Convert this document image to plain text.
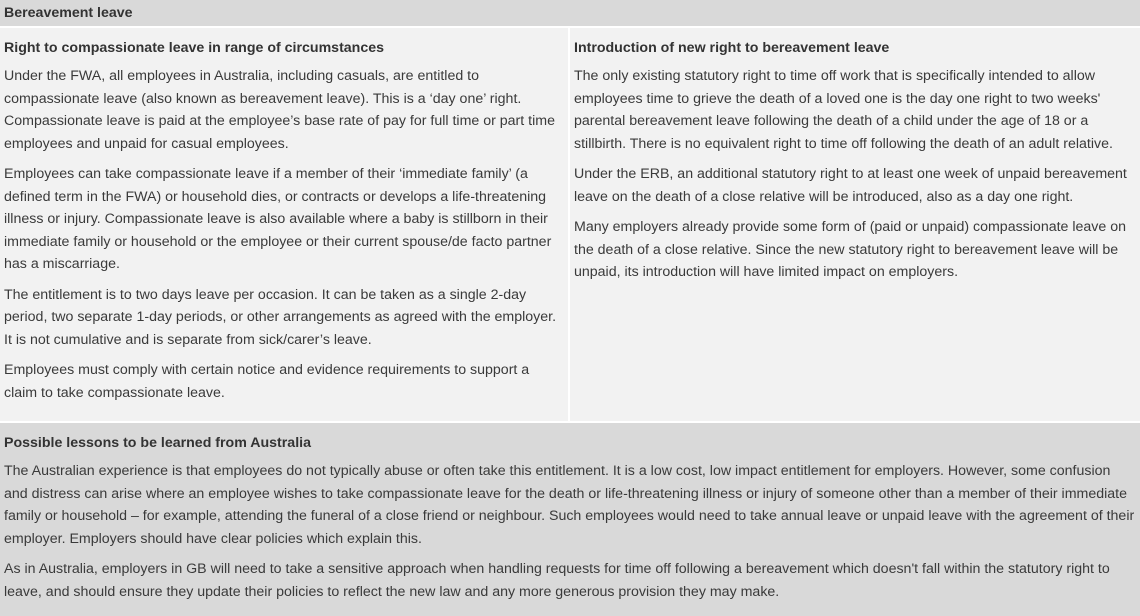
Bereavement leave
Right to compassionate leave in range of circumstances

Under the FWA, all employees in Australia, including casuals, are entitled to compassionate leave (also known as bereavement leave). This is a ‘day one’ right. Compassionate leave is paid at the employee’s base rate of pay for full time or part time employees and unpaid for casual employees.

Employees can take compassionate leave if a member of their ‘immediate family’ (a defined term in the FWA) or household dies, or contracts or develops a life-threatening illness or injury. Compassionate leave is also available where a baby is stillborn in their immediate family or household or the employee or their current spouse/de facto partner has a miscarriage.

The entitlement is to two days leave per occasion. It can be taken as a single 2-day period, two separate 1-day periods, or other arrangements as agreed with the employer. It is not cumulative and is separate from sick/carer’s leave.

Employees must comply with certain notice and evidence requirements to support a claim to take compassionate leave.

Introduction of new right to bereavement leave

The only existing statutory right to time off work that is specifically intended to allow employees time to grieve the death of a loved one is the day one right to two weeks' parental bereavement leave following the death of a child under the age of 18 or a stillbirth. There is no equivalent right to time off following the death of an adult relative.

Under the ERB, an additional statutory right to at least one week of unpaid bereavement leave on the death of a close relative will be introduced, also as a day one right.

Many employers already provide some form of (paid or unpaid) compassionate leave on the death of a close relative. Since the new statutory right to bereavement leave will be unpaid, its introduction will have limited impact on employers.

Possible lessons to be learned from Australia

The Australian experience is that employees do not typically abuse or often take this entitlement. It is a low cost, low impact entitlement for employers. However, some confusion and distress can arise where an employee wishes to take compassionate leave for the death or life-threatening illness or injury of someone other than a member of their immediate family or household – for example, attending the funeral of a close friend or neighbour. Such employees would need to take annual leave or unpaid leave with the agreement of their employer. Employers should have clear policies which explain this.

As in Australia, employers in GB will need to take a sensitive approach when handling requests for time off following a bereavement which doesn't fall within the statutory right to leave, and should ensure they update their policies to reflect the new law and any more generous provision they may make.
